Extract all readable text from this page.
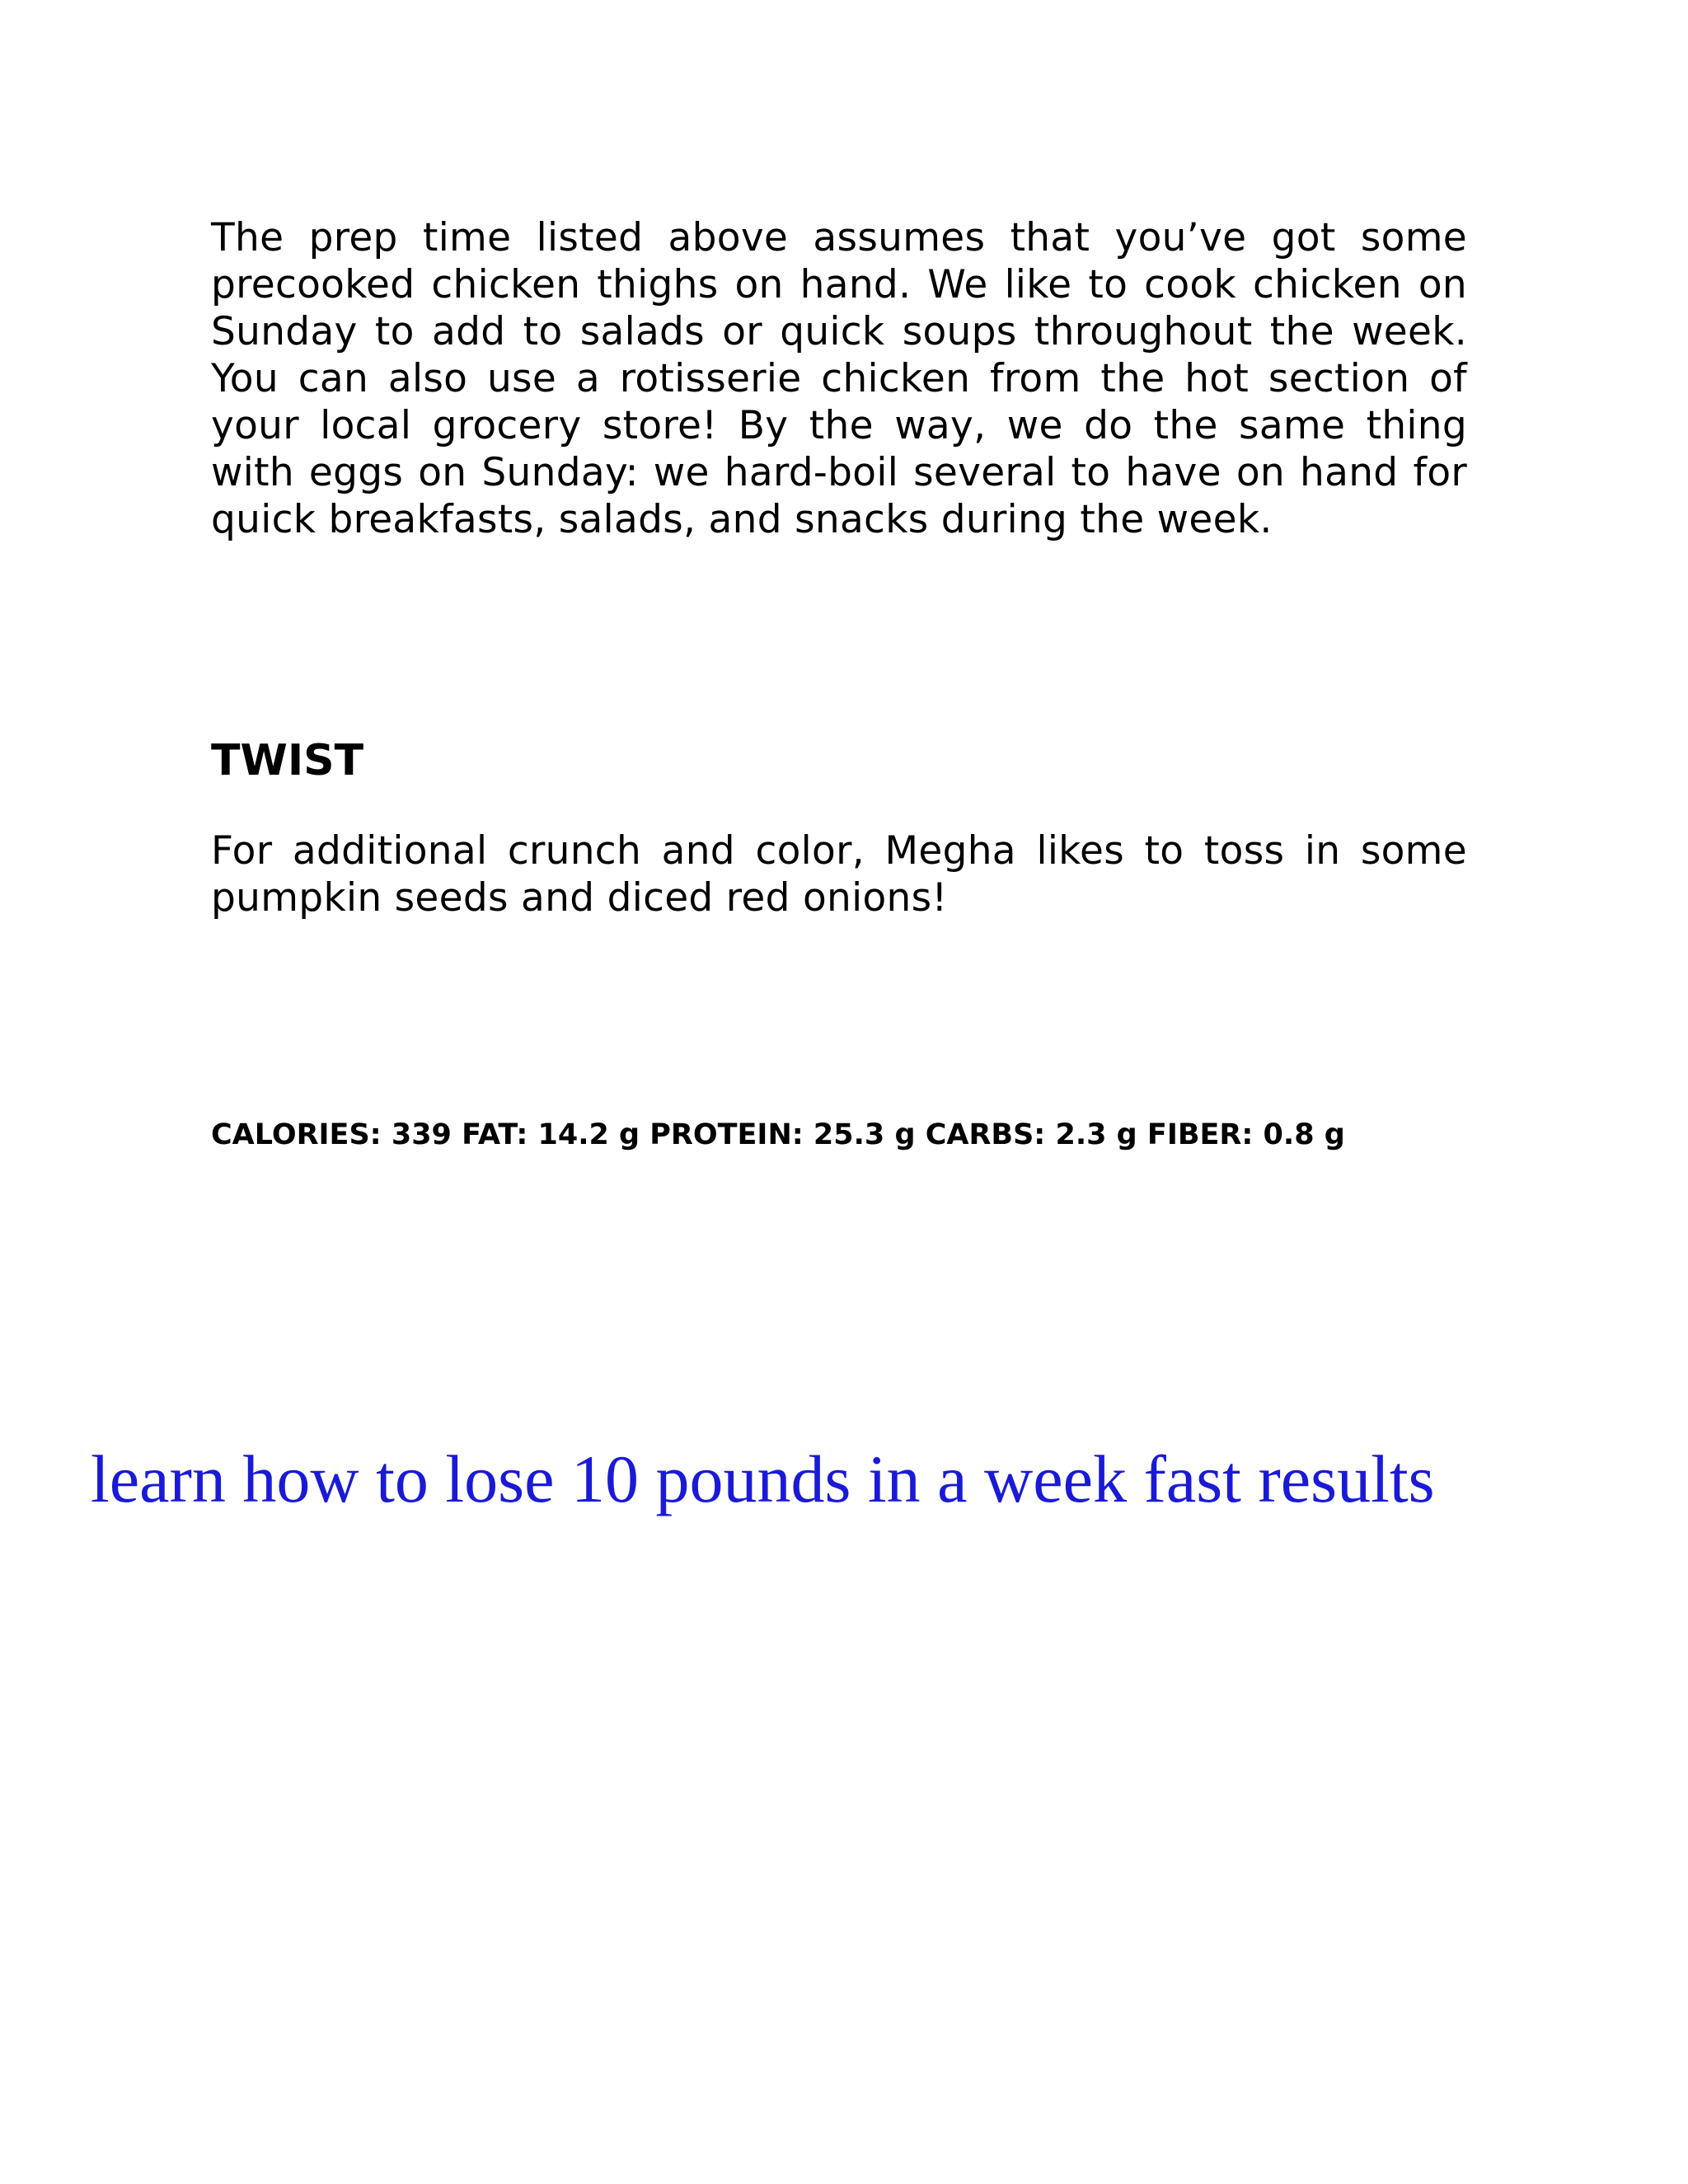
The prep time listed above assumes that you’ve got some precooked chicken thighs on hand. We like to cook chicken on Sunday to add to salads or quick soups throughout the week. You can also use a rotisserie chicken from the hot section of your local grocery store! By the way, we do the same thing with eggs on Sunday: we hard-boil several to have on hand for quick breakfasts, salads, and snacks during the week.

TWIST

For additional crunch and color, Megha likes to toss in some pumpkin seeds and diced red onions!

CALORIES: 339 FAT: 14.2 g PROTEIN: 25.3 g CARBS: 2.3 g FIBER: 0.8 g

learn how to lose 10 pounds in a week fast results
